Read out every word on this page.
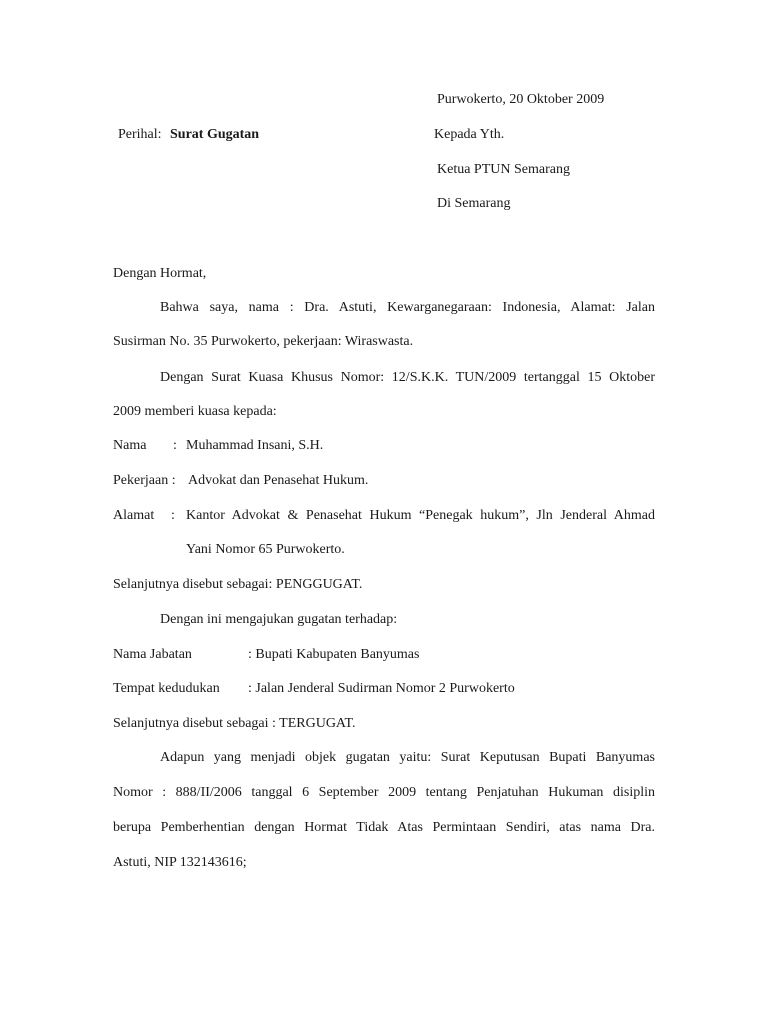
Purwokerto, 20 Oktober 2009
Perihal: Surat Gugatan	Kepada Yth.
Ketua PTUN Semarang
Di Semarang
Dengan Hormat,
Bahwa saya, nama : Dra. Astuti, Kewarganegaraan: Indonesia, Alamat: Jalan
Susirman No. 35 Purwokerto, pekerjaan: Wiraswasta.
Dengan Surat Kuasa Khusus Nomor: 12/S.K.K. TUN/2009 tertanggal 15 Oktober
2009 memberi kuasa kepada:
Nama : Muhammad Insani, S.H.
Pekerjaan : Advokat dan Penasehat Hukum.
Alamat : Kantor Advokat & Penasehat Hukum “Penegak hukum”, Jln Jenderal Ahmad
Yani Nomor 65 Purwokerto.
Selanjutnya disebut sebagai: PENGGUGAT.
Dengan ini mengajukan gugatan terhadap:
Nama Jabatan	: Bupati Kabupaten Banyumas
Tempat kedudukan : Jalan Jenderal Sudirman Nomor 2 Purwokerto
Selanjutnya disebut sebagai : TERGUGAT.
Adapun yang menjadi objek gugatan yaitu: Surat Keputusan Bupati Banyumas
Nomor : 888/II/2006 tanggal 6 September 2009 tentang Penjatuhan Hukuman disiplin
berupa Pemberhentian dengan Hormat Tidak Atas Permintaan Sendiri, atas nama Dra.
Astuti, NIP 132143616;
